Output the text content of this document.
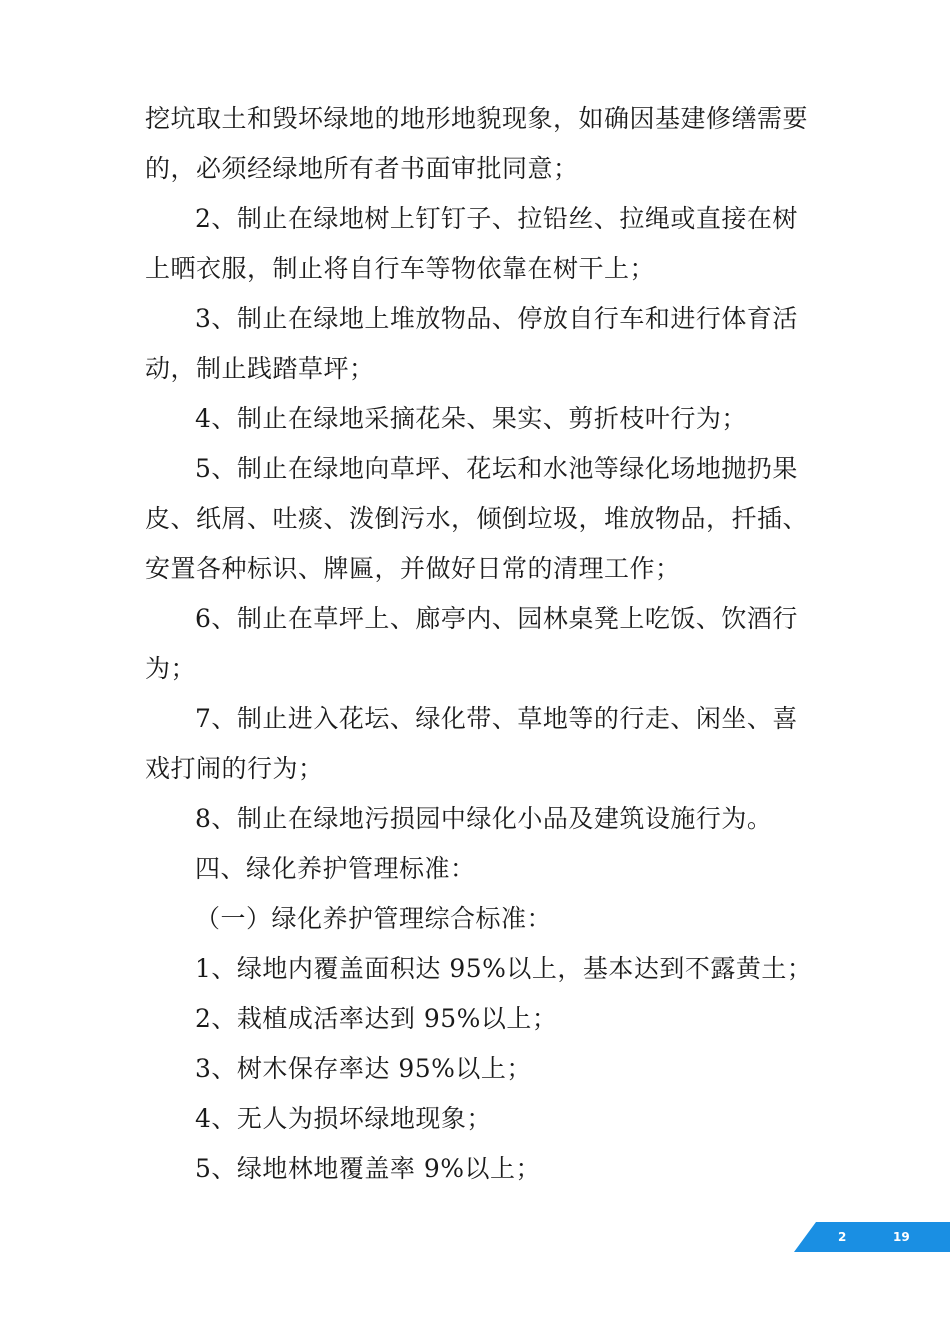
挖坑取土和毁坏绿地的地形地貌现象，如确因基建修缮需要
的，必须经绿地所有者书面审批同意；
2、制止在绿地树上钉钉子、拉铅丝、拉绳或直接在树
上晒衣服，制止将自行车等物依靠在树干上；
3、制止在绿地上堆放物品、停放自行车和进行体育活
动，制止践踏草坪；
4、制止在绿地采摘花朵、果实、剪折枝叶行为；
5、制止在绿地向草坪、花坛和水池等绿化场地抛扔果
皮、纸屑、吐痰、泼倒污水，倾倒垃圾，堆放物品，扦插、
安置各种标识、牌匾，并做好日常的清理工作；
6、制止在草坪上、廊亭内、园林桌凳上吃饭、饮酒行
为；
7、制止进入花坛、绿化带、草地等的行走、闲坐、喜
戏打闹的行为；
8、制止在绿地污损园中绿化小品及建筑设施行为。
四、绿化养护管理标准：
（一）绿化养护管理综合标准：
1、绿地内覆盖面积达 95%以上，基本达到不露黄土；
2、栽植成活率达到 95%以上；
3、树木保存率达 95%以上；
4、无人为损坏绿地现象；
5、绿地林地覆盖率 9%以上；
2	19
